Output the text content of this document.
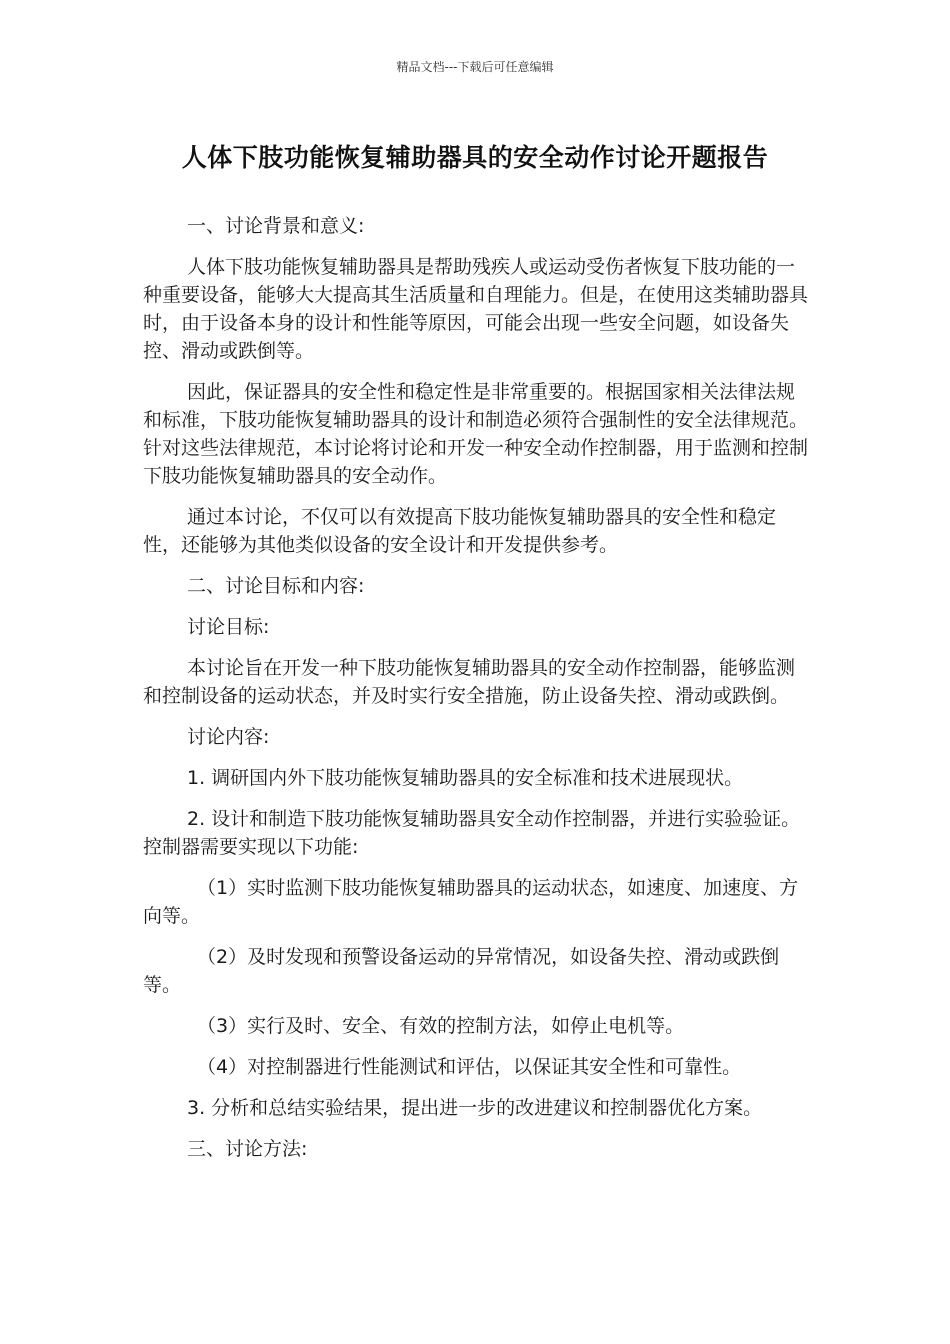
精品文档---下载后可任意编辑
人体下肢功能恢复辅助器具的安全动作讨论开题报告

一、讨论背景和意义:

人体下肢功能恢复辅助器具是帮助残疾人或运动受伤者恢复下肢功能的一种重要设备，能够大大提高其生活质量和自理能力。但是，在使用这类辅助器具时，由于设备本身的设计和性能等原因，可能会出现一些安全问题，如设备失控、滑动或跌倒等。

因此，保证器具的安全性和稳定性是非常重要的。根据国家相关法律法规和标准，下肢功能恢复辅助器具的设计和制造必须符合强制性的安全法律规范。针对这些法律规范，本讨论将讨论和开发一种安全动作控制器，用于监测和控制下肢功能恢复辅助器具的安全动作。

通过本讨论，不仅可以有效提高下肢功能恢复辅助器具的安全性和稳定性，还能够为其他类似设备的安全设计和开发提供参考。

二、讨论目标和内容:

讨论目标:

本讨论旨在开发一种下肢功能恢复辅助器具的安全动作控制器，能够监测和控制设备的运动状态，并及时实行安全措施，防止设备失控、滑动或跌倒。

讨论内容:

1. 调研国内外下肢功能恢复辅助器具的安全标准和技术进展现状。

2. 设计和制造下肢功能恢复辅助器具安全动作控制器，并进行实验验证。控制器需要实现以下功能:

（1）实时监测下肢功能恢复辅助器具的运动状态，如速度、加速度、方向等。

（2）及时发现和预警设备运动的异常情况，如设备失控、滑动或跌倒等。

（3）实行及时、安全、有效的控制方法，如停止电机等。

（4）对控制器进行性能测试和评估，以保证其安全性和可靠性。

3. 分析和总结实验结果，提出进一步的改进建议和控制器优化方案。

三、讨论方法:
